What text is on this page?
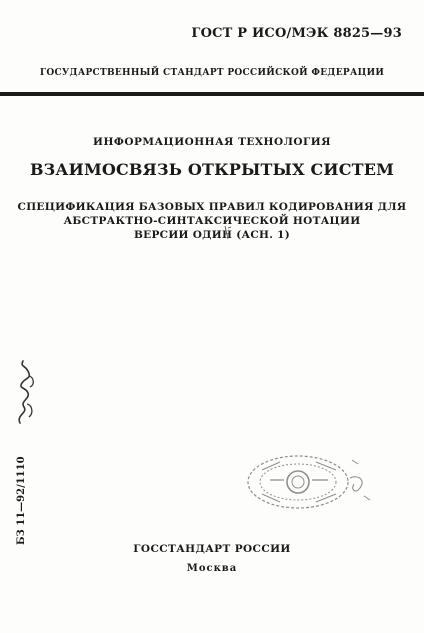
ГОСТ Р ИСО/МЭК 8825—93
ГОСУДАРСТВЕННЫЙ СТАНДАРТ РОССИЙСКОЙ ФЕДЕРАЦИИ
ИНФОРМАЦИОННАЯ ТЕХНОЛОГИЯ
ВЗАИМОСВЯЗЬ ОТКРЫТЫХ СИСТЕМ
СПЕЦИФИКАЦИЯ БАЗОВЫХ ПРАВИЛ КОДИРОВАНИЯ ДЛЯ
АБСТРАКТНО-СИНТАКСИЧЕСКОЙ НОТАЦИИ
ВЕРСИИ ОДИН (АСН. 1)
БЗ 11—92/1110
ГОССТАНДАРТ РОССИИ
Москва
